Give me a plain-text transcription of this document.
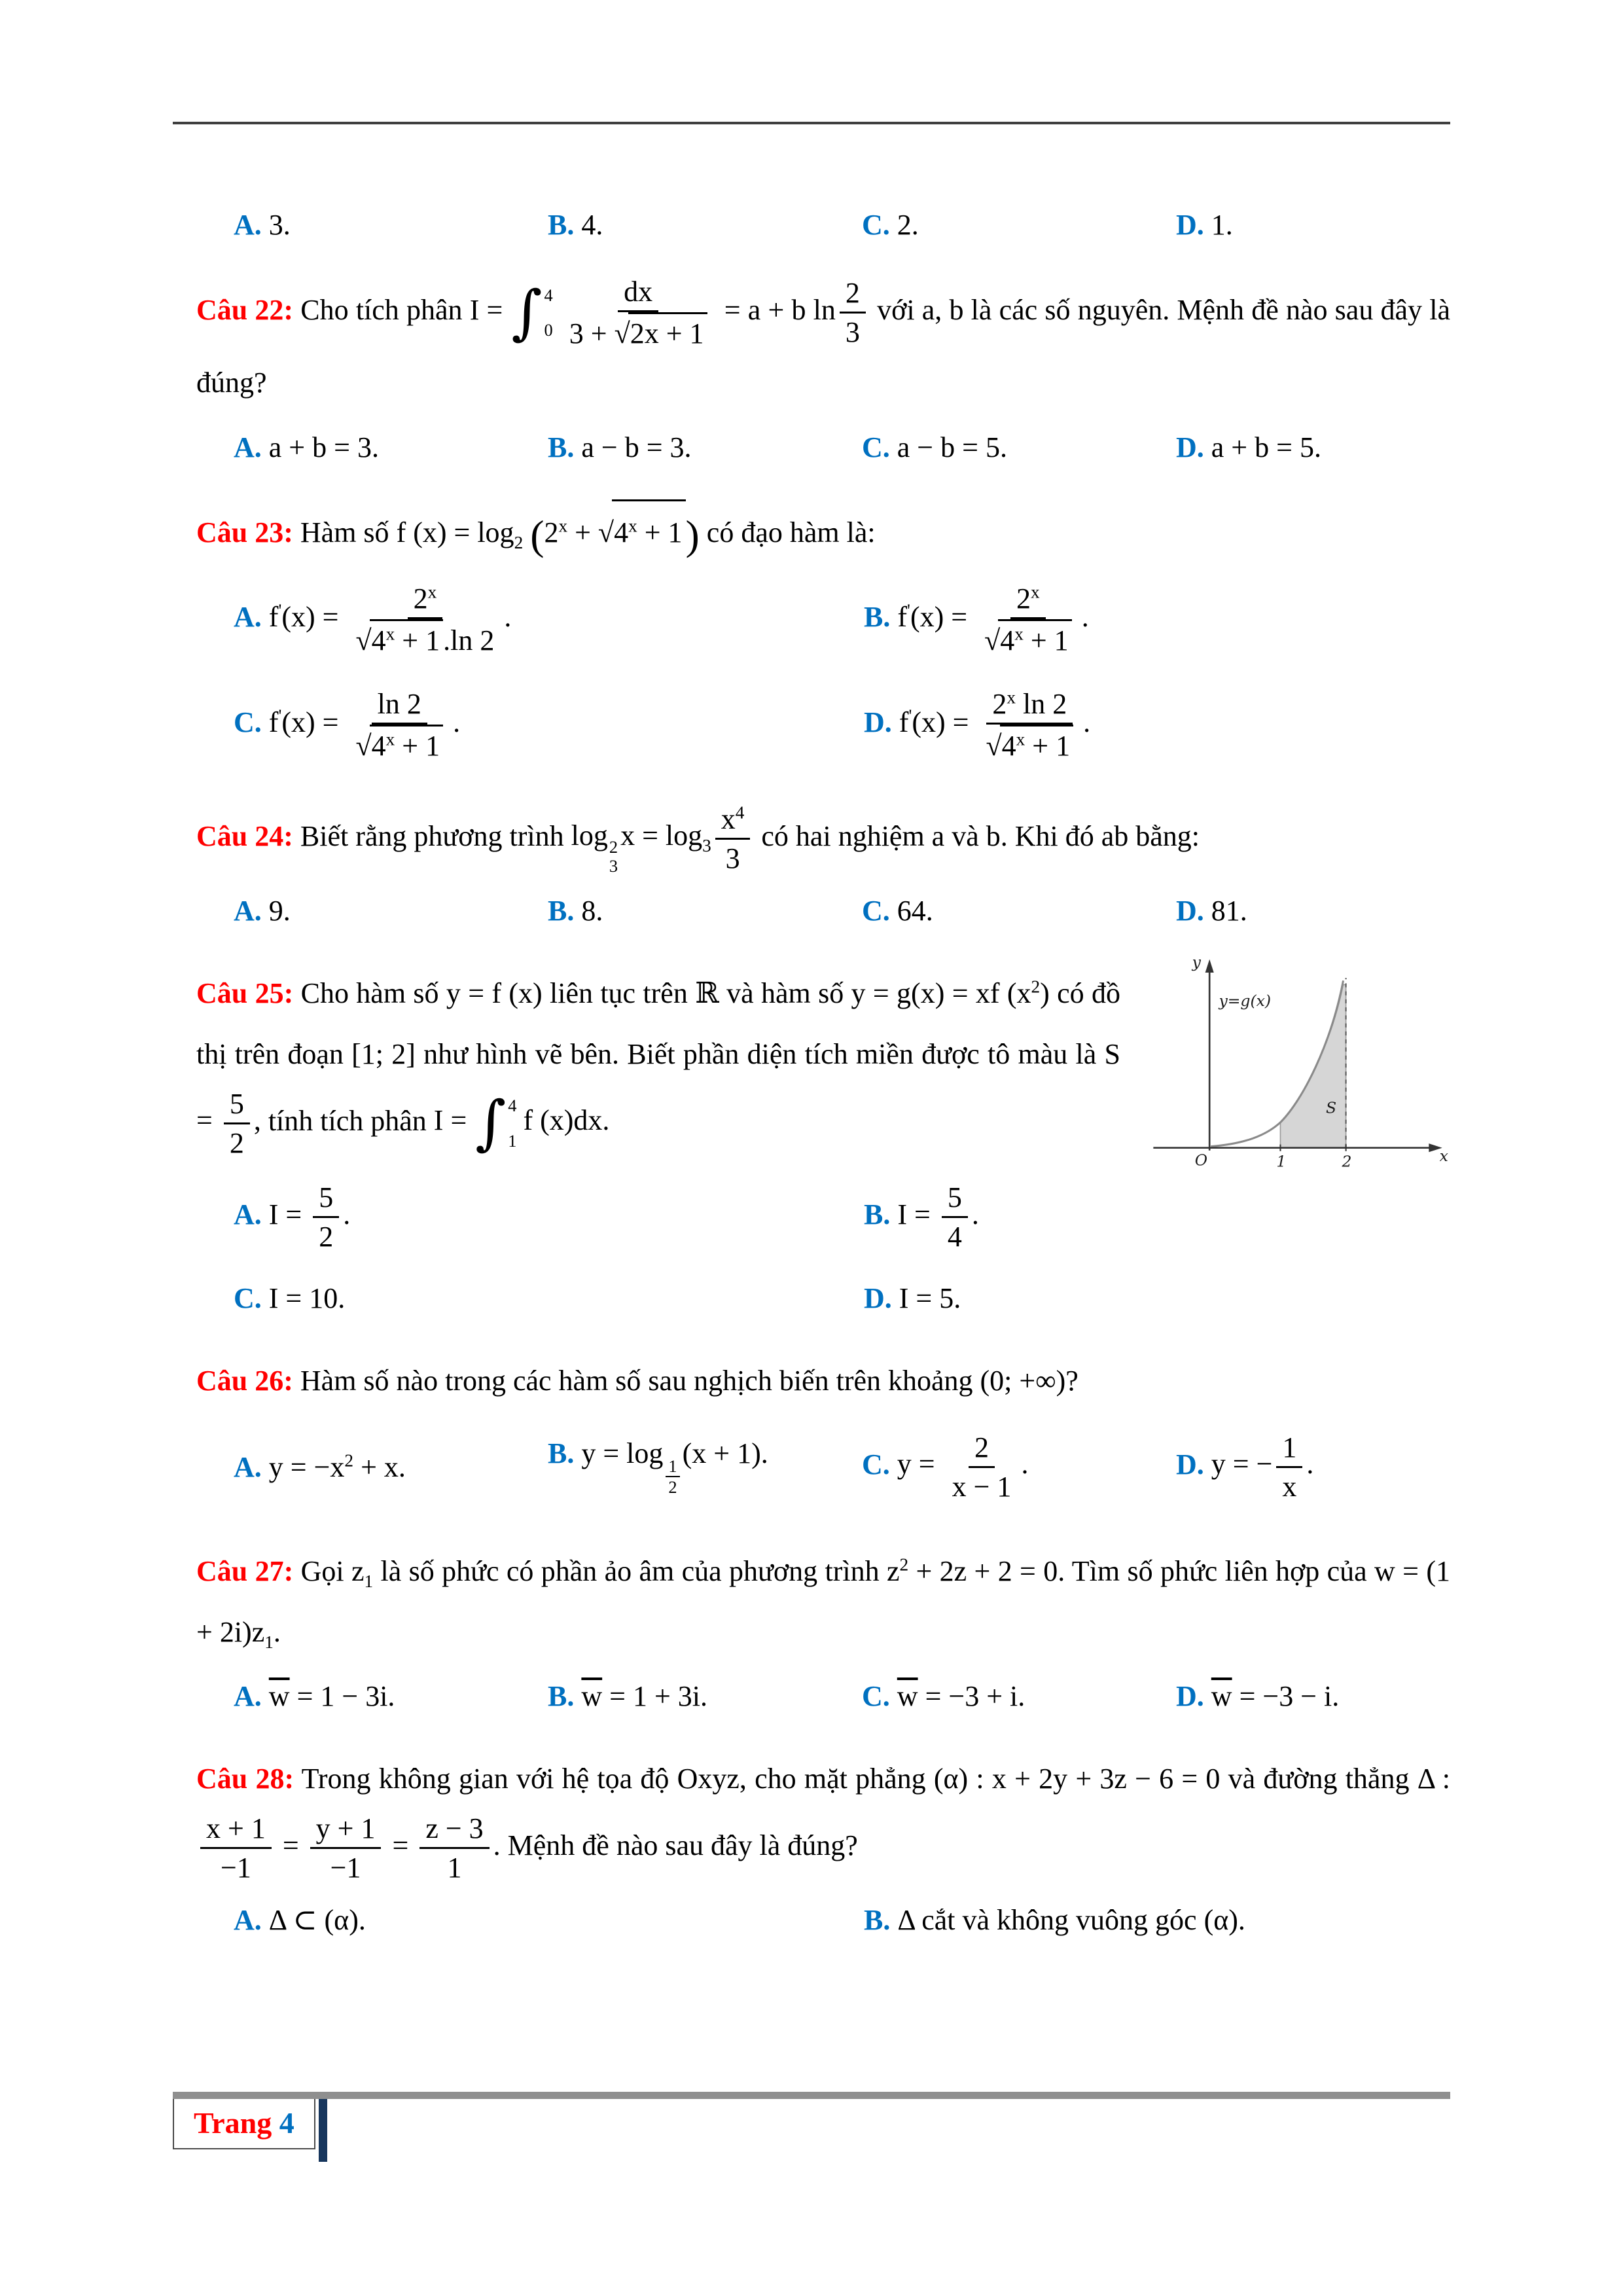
A. 3.	B. 4.	C. 2.	D. 1.

Câu 22: Cho tích phân I = ∫ 4
$0 \frac{dx}{3 + √2x + 1} = a + b$ $\ln \frac{2}{3}$ với a, b là các số nguyên. Mệnh đề nào sau đây là đúng?

A. a + b = 3.	B. a − b = 3.	C. a − b = 5.	D. a + b = 5.

Câu 23: Hàm số f $(x) = \log_2 (2^x + √4^x + 1)$ có đạo hàm là:

A. $f'(x) = \frac{2^x}{√4^x + 1 .\ln 2}$ .	B. $f'(x) = \frac{2^x}{√4^x + 1}$ .
C. $f'(x) = \frac{\ln 2}{√4^x + 1}$ .	D. $f'(x) = \frac{2^x \ln 2}{√4^x + 1}$ .

Câu 24: Biết rằng phương trình log 2
3
$x = \log_3 \frac{x^4}{3}$ có hai nghiệm a và b. Khi đó ab bằng:

A. 9.	B. 8.	C. 64.	D. 81.
y=g(x)
O	1	2
S
x
y

Câu 25: Cho hàm số y = f (x) liên tục trên ℝ và hàm số y = g(x) = xf $(x^2)$ có đồ thị trên đoạn [1; 2] như hình vẽ bên. Biết phần diện tích miền được tô màu là $S = \frac{5}{2}$ , tính tích phân I = ∫ 4
1
f (x)dx.

A. $I = \frac{5}{2}$ .	B. $I = \frac{5}{4}$ .
C. I = 10.	D. I = 5.

Câu 26: Hàm số nào trong các hàm số sau nghịch biến trên khoảng (0; +∞)?

A. $y = -x^2 + x$.	B. y = log
$\frac{1}{2}$
(x + 1).	C. $y = \frac{2}{x - 1}$ .	D. y = − $\frac{1}{x}$ .

Câu 27: Gọi $z_1$ là số phức có phần ảo âm của phương trình $z^2 + 2z + 2 = 0$. Tìm số phức liên hợp của $w = (1 + 2i)z_1$.

A. $\overline{w} = 1 - 3i$.	B. $\overline{w} = 1 + 3i$.	C. $\overline{w} = -3 + i$.	D. $\overline{w} = -3 - i$.

Câu 28: Trong không gian với hệ tọa độ Oxyz, cho mặt phẳng (α) : x + 2y + 3z − 6 = 0 và đường thẳng Δ :
$\frac{x + 1}{-1} = \frac{y + 1}{-1} = \frac{z - 3}{1}$ . Mệnh đề nào sau đây là đúng?

A. Δ ⊂ (α).	B. Δ cắt và không vuông góc (α).
Trang 4
